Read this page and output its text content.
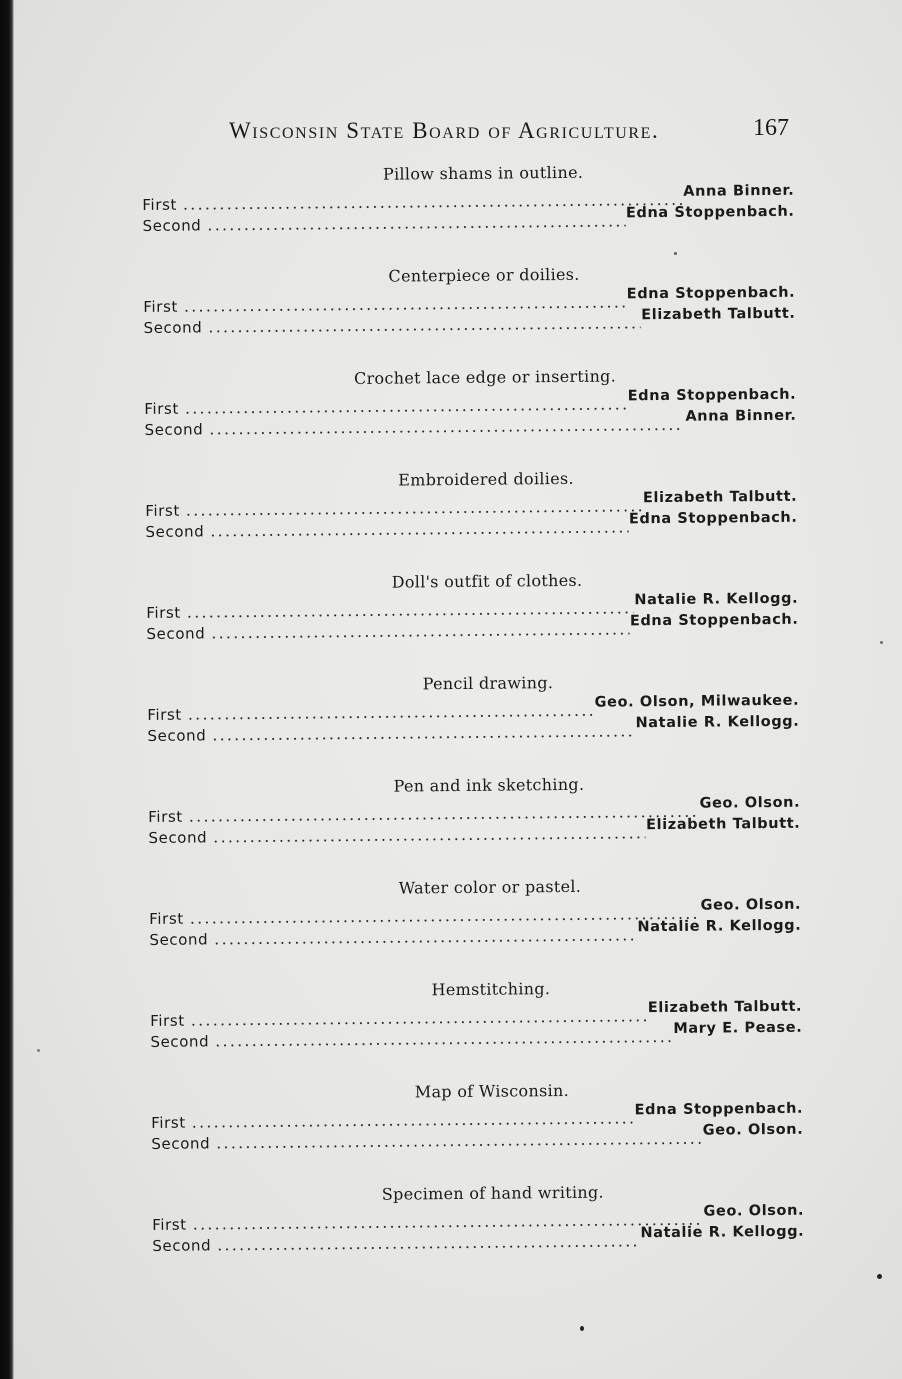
Wisconsin State Board of Agriculture.	167
Pillow shams in outline.
First
.....
Anna Binner.
Second
.....
Edna Stoppenbach.
Centerpiece or doilies.
First
.....
Edna Stoppenbach.
Second
.....
Elizabeth Talbutt.
Crochet lace edge or inserting.
First
.....
Edna Stoppenbach.
Second
.....
Anna Binner.
Embroidered doilies.
First
.....
Elizabeth Talbutt.
Second
.....
Edna Stoppenbach.
Doll's outfit of clothes.
First
.....
Natalie R. Kellogg.
Second
.....
Edna Stoppenbach.
Pencil drawing.
First
.....
Geo. Olson, Milwaukee.
Second
.....
Natalie R. Kellogg.
Pen and ink sketching.
First
.....
Geo. Olson.
Second
.....
Elizabeth Talbutt.
Water color or pastel.
First
.....
Geo. Olson.
Second
.....
Natalie R. Kellogg.
Hemstitching.
First
.....
Elizabeth Talbutt.
Second
.....
Mary E. Pease.
Map of Wisconsin.
First
.....
Edna Stoppenbach.
Second
.....
Geo. Olson.
Specimen of hand writing.
First
.....
Geo. Olson.
Second
.....
Natalie R. Kellogg.
